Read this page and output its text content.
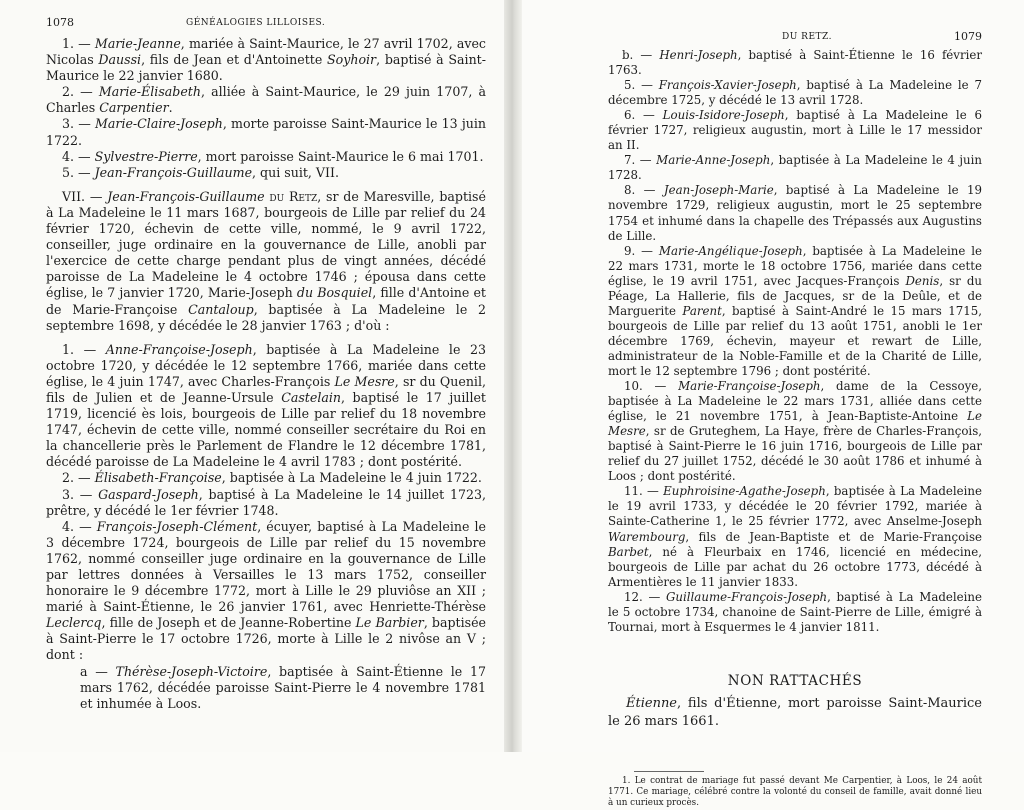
1078	GÉNÉALOGIES LILLOISES.

1. — Marie-Jeanne, mariée à Saint-Maurice, le 27 avril 1702, avec Nicolas Daussi, fils de Jean et d'Antoinette Soyhoir, baptisé à Saint-Maurice le 22 janvier 1680.

2. — Marie-Élisabeth, alliée à Saint-Maurice, le 29 juin 1707, à Charles Carpentier.

3. — Marie-Claire-Joseph, morte paroisse Saint-Maurice le 13 juin 1722.

4. — Sylvestre-Pierre, mort paroisse Saint-Maurice le 6 mai 1701.

5. — Jean-François-Guillaume, qui suit, VII.

VII. — Jean-François-Guillaume du Retz, sr de Maresville, baptisé à La Madeleine le 11 mars 1687, bourgeois de Lille par relief du 24 février 1720, échevin de cette ville, nommé, le 9 avril 1722, conseiller, juge ordinaire en la gouvernance de Lille, anobli par l'exercice de cette charge pendant plus de vingt années, décédé paroisse de La Madeleine le 4 octobre 1746 ; épousa dans cette église, le 7 janvier 1720, Marie-Joseph du Bosquiel, fille d'Antoine et de Marie-Françoise Cantaloup, baptisée à La Madeleine le 2 septembre 1698, y décédée le 28 janvier 1763 ; d'où :

1. — Anne-Françoise-Joseph, baptisée à La Madeleine le 23 octobre 1720, y décédée le 12 septembre 1766, mariée dans cette église, le 4 juin 1747, avec Charles-François Le Mesre, sr du Quenil, fils de Julien et de Jeanne-Ursule Castelain, baptisé le 17 juillet 1719, licencié ès lois, bourgeois de Lille par relief du 18 novembre 1747, échevin de cette ville, nommé conseiller secrétaire du Roi en la chancellerie près le Parlement de Flandre le 12 décembre 1781, décédé paroisse de La Madeleine le 4 avril 1783 ; dont postérité.

2. — Élisabeth-Françoise, baptisée à La Madeleine le 4 juin 1722.

3. — Gaspard-Joseph, baptisé à La Madeleine le 14 juillet 1723, prêtre, y décédé le 1er février 1748.

4. — François-Joseph-Clément, écuyer, baptisé à La Madeleine le 3 décembre 1724, bourgeois de Lille par relief du 15 novembre 1762, nommé conseiller juge ordinaire en la gouvernance de Lille par lettres données à Versailles le 13 mars 1752, conseiller honoraire le 9 décembre 1772, mort à Lille le 29 pluviôse an XII ; marié à Saint-Étienne, le 26 janvier 1761, avec Henriette-Thérèse Leclercq, fille de Joseph et de Jeanne-Robertine Le Barbier, baptisée à Saint-Pierre le 17 octobre 1726, morte à Lille le 2 nivôse an V ; dont :

a — Thérèse-Joseph-Victoire, baptisée à Saint-Étienne le 17 mars 1762, décédée paroisse Saint-Pierre le 4 novembre 1781 et inhumée à Loos.

DU RETZ.	1079

b. — Henri-Joseph, baptisé à Saint-Étienne le 16 février 1763.

5. — François-Xavier-Joseph, baptisé à La Madeleine le 7 décembre 1725, y décédé le 13 avril 1728.

6. — Louis-Isidore-Joseph, baptisé à La Madeleine le 6 février 1727, religieux augustin, mort à Lille le 17 messidor an II.

7. — Marie-Anne-Joseph, baptisée à La Madeleine le 4 juin 1728.

8. — Jean-Joseph-Marie, baptisé à La Madeleine le 19 novembre 1729, religieux augustin, mort le 25 septembre 1754 et inhumé dans la chapelle des Trépassés aux Augustins de Lille.

9. — Marie-Angélique-Joseph, baptisée à La Madeleine le 22 mars 1731, morte le 18 octobre 1756, mariée dans cette église, le 19 avril 1751, avec Jacques-François Denis, sr du Péage, La Hallerie, fils de Jacques, sr de la Deûle, et de Marguerite Parent, baptisé à Saint-André le 15 mars 1715, bourgeois de Lille par relief du 13 août 1751, anobli le 1er décembre 1769, échevin, mayeur et rewart de Lille, administrateur de la Noble-Famille et de la Charité de Lille, mort le 12 septembre 1796 ; dont postérité.

10. — Marie-Françoise-Joseph, dame de la Cessoye, baptisée à La Madeleine le 22 mars 1731, alliée dans cette église, le 21 novembre 1751, à Jean-Baptiste-Antoine Le Mesre, sr de Gruteghem, La Haye, frère de Charles-François, baptisé à Saint-Pierre le 16 juin 1716, bourgeois de Lille par relief du 27 juillet 1752, décédé le 30 août 1786 et inhumé à Loos ; dont postérité.

11. — Euphroisine-Agathe-Joseph, baptisée à La Madeleine le 19 avril 1733, y décédée le 20 février 1792, mariée à Sainte-Catherine 1, le 25 février 1772, avec Anselme-Joseph Warembourg, fils de Jean-Baptiste et de Marie-Françoise Barbet, né à Fleurbaix en 1746, licencié en médecine, bourgeois de Lille par achat du 26 octobre 1773, décédé à Armentières le 11 janvier 1833.

12. — Guillaume-François-Joseph, baptisé à La Madeleine le 5 octobre 1734, chanoine de Saint-Pierre de Lille, émigré à Tournai, mort à Esquermes le 4 janvier 1811.

NON RATTACHÉS

Étienne, fils d'Étienne, mort paroisse Saint-Maurice le 26 mars 1661.

1. Le contrat de mariage fut passé devant Me Carpentier, à Loos, le 24 août 1771. Ce mariage, célébré contre la volonté du conseil de famille, avait donné lieu à un curieux procès.
